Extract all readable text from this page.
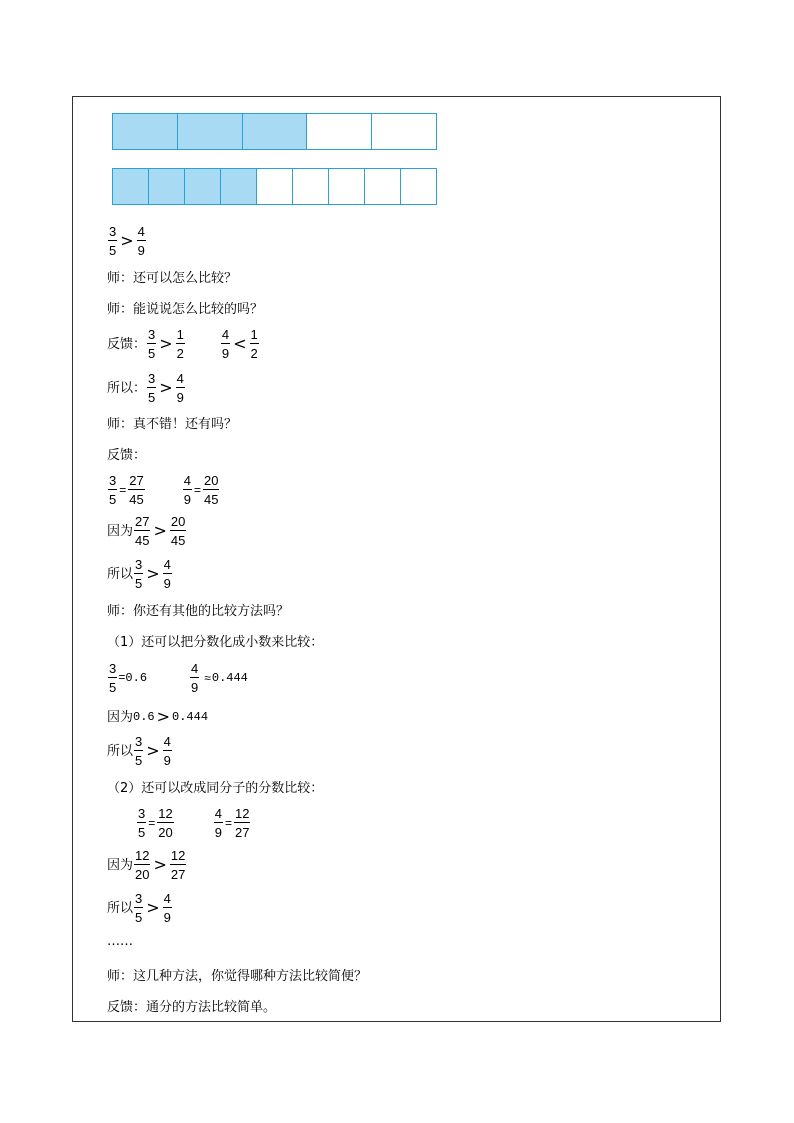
$\frac{3}{5} > \frac{4}{9}$
师：还可以怎么比较？
师：能说说怎么比较的吗？
反馈： $\frac{3}{5} > \frac{1}{2}$	$\frac{4}{9} < \frac{1}{2}$
所以： $\frac{3}{5} > \frac{4}{9}$
师：真不错！还有吗？
反馈：
$\frac{3}{5} = \frac{27}{45}$	$\frac{4}{9} = \frac{20}{45}$
因为 $\frac{27}{45} > \frac{20}{45}$
所以 $\frac{3}{5} > \frac{4}{9}$
师：你还有其他的比较方法吗？
（1）还可以把分数化成小数来比较：
$\frac{3}{5} =0.6$	$\frac{4}{9} \approx 0.444$
因为 0.6 > 0.444
所以 $\frac{3}{5} > \frac{4}{9}$
（2）还可以改成同分子的分数比较：
$\frac{3}{5} = \frac{12}{20}$	$\frac{4}{9} = \frac{12}{27}$
因为 $\frac{12}{20} > \frac{12}{27}$
所以 $\frac{3}{5} > \frac{4}{9}$
……
师：这几种方法，你觉得哪种方法比较简便？
反馈：通分的方法比较简单。
